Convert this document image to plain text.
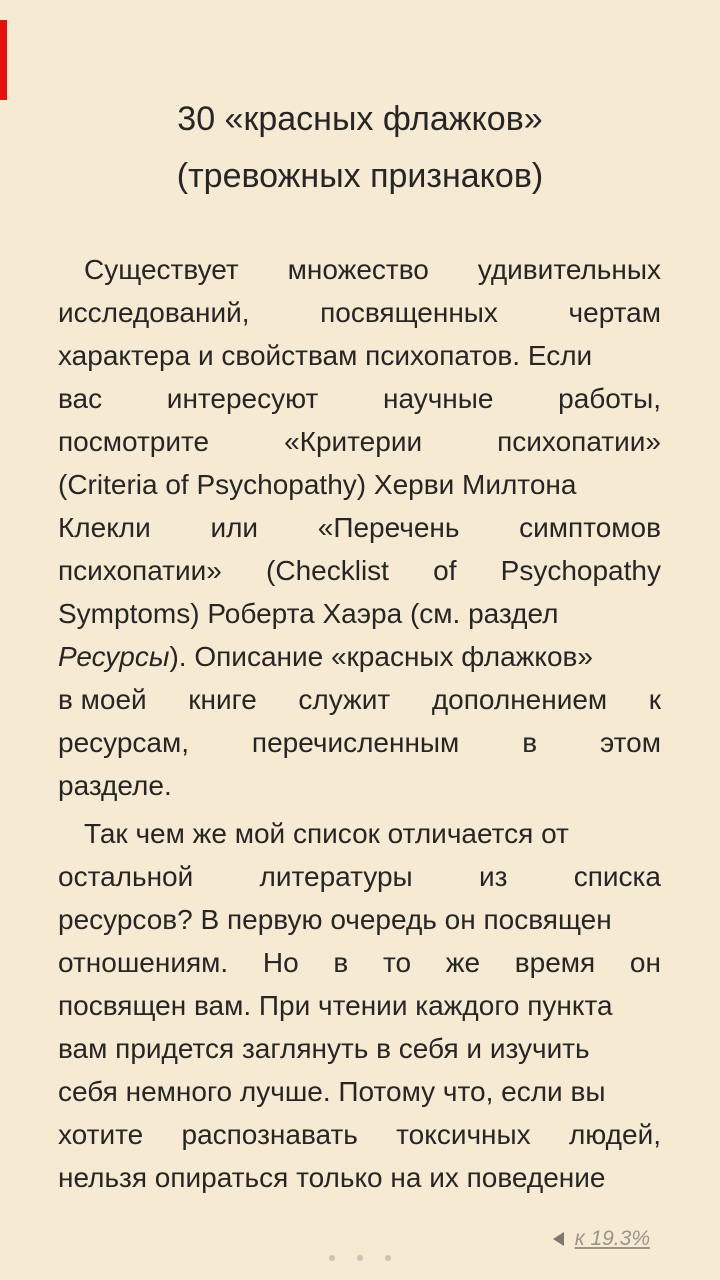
30 «красных флажков»
(тревожных признаков)
Существует множество удивительных
исследований,	посвященных	чертам
характера и свойствам психопатов. Если
вас интересуют научные работы,
посмотрите	«Критерии	психопатии»
(Criteria of Psychopathy) Херви Милтона
Клекли или «Перечень симптомов
психопатии» (Checklist of Psychopathy
Symptoms) Роберта Хаэра (см. раздел
Ресурсы). Описание «красных флажков»
в моей книге служит дополнением к
ресурсам, перечисленным в этом
разделе.
Так чем же мой список отличается от
остальной литературы из списка
ресурсов? В первую очередь он посвящен
отношениям. Но в то же время он
посвящен вам. При чтении каждого пункта
вам придется заглянуть в себя и изучить
себя немного лучше. Потому что, если вы
хотите распознавать токсичных людей,
нельзя опираться только на их поведение
к 19.3%
